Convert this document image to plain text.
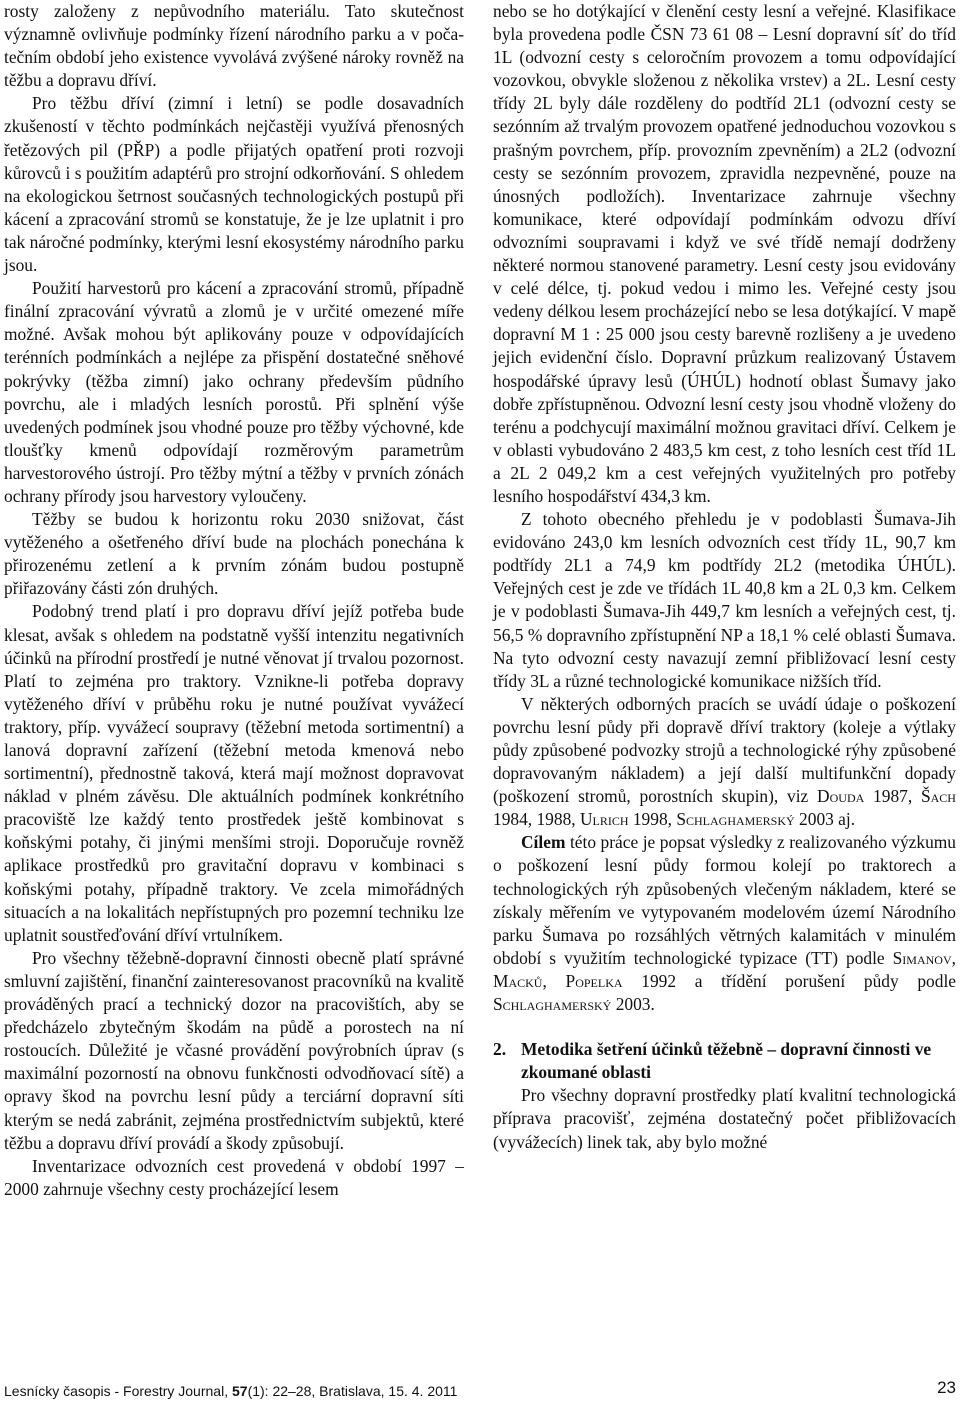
rosty založeny z nepůvodního materiálu. Tato skutečnost významně ovlivňuje podmínky řízení národního parku a v počatečním období jeho existence vyvolává zvýšené nároky rovněž na těžbu a dopravu dříví.

Pro těžbu dříví (zimní i letní) se podle dosavadních zkušeností v těchto podmínkách nejčastěji využívá přenosných řetězových pil (PŘP) a podle přijatých opatření proti rozvoji kůrovců i s použitím adaptérů pro strojní odkorňování. S ohledem na ekologickou šetrnost současných technologických postupů při kácení a zpracování stromů se konstatuje, že je lze uplatnit i pro tak náročné podmínky, kterými lesní ekosystémy národního parku jsou.

Použití harvestorů pro kácení a zpracování stromů, případně finální zpracování vývratů a zlomů je v určité omezené míře možné. Avšak mohou být aplikovány pouze v odpovídajících terénních podmínkách a nejlépe za přispění dostatečné sněhové pokrývky (těžba zimní) jako ochrany především půdního povrchu, ale i mladých lesních porostů. Při splnění výše uvedených podmínek jsou vhodné pouze pro těžby výchovné, kde tloušťky kmenů odpovídají rozměrovým parametrům harvestorového ústrojí. Pro těžby mýtní a těžby v prvních zónách ochrany přírody jsou harvestory vyloučeny.

Těžby se budou k horizontu roku 2030 snižovat, část vytěženého a ošetřeného dříví bude na plochách ponechána k přirozenému zetlení a k prvním zónám budou postupně přiřazovány části zón druhých.

Podobný trend platí i pro dopravu dříví jejíž potřeba bude klesat, avšak s ohledem na podstatně vyšší intenzitu negativních účinků na přírodní prostředí je nutné věnovat jí trvalou pozornost. Platí to zejména pro traktory. Vznikne-li potřeba dopravy vytěženého dříví v průběhu roku je nutné používat vyvážecí traktory, příp. vyvážecí soupravy (těžební metoda sortimentní) a lanová dopravní zařízení (těžební metoda kmenová nebo sortimentní), přednostně taková, která mají možnost dopravovat náklad v plném závěsu. Dle aktuálních podmínek konkrétního pracoviště lze každý tento prostředek ještě kombinovat s koňskými potahy, či jinými menšími stroji. Doporučuje rovněž aplikace prostředků pro gravitační dopravu v kombinaci s koňskými potahy, případně traktory. Ve zcela mimořádných situacích a na lokalitách nepřístupných pro pozemní techniku lze uplatnit soustřeďování dříví vrtulníkem.

Pro všechny těžebně-dopravní činnosti obecně platí správné smluvní zajištění, finanční zainteresovanost pracovníků na kvalitě prováděných prací a technický dozor na pracovištích, aby se předcházelo zbytečným škodám na půdě a porostech na ní rostoucích. Důležité je včasné provádění povýrobních úprav (s maximální pozorností na obnovu funkčnosti odvodňovací sítě) a opravy škod na povrchu lesní půdy a terciární dopravní síti kterým se nedá zabránit, zejména prostřednictvím subjektů, které těžbu a dopravu dříví provádí a škody způsobují.

Inventarizace odvozních cest provedená v období 1997 – 2000 zahrnuje všechny cesty procházející lesem

nebo se ho dotýkající v členění cesty lesní a veřejné. Klasifikace byla provedena podle ČSN 73 61 08 – Lesní dopravní síť do tříd 1L (odvozní cesty s celoročním provozem a tomu odpovídající vozovkou, obvykle složenou z několika vrstev) a 2L. Lesní cesty třídy 2L byly dále rozděleny do podtříd 2L1 (odvozní cesty se sezónním až trvalým provozem opatřené jednoduchou vozovkou s prašným povrchem, příp. provozním zpevněním) a 2L2 (odvozní cesty se sezónním provozem, zpravidla nezpevněné, pouze na únosných podložích). Inventarizace zahrnuje všechny komunikace, které odpovídají podmínkám odvozu dříví odvozními soupravami i když ve své třídě nemají dodrženy některé normou stanovené parametry. Lesní cesty jsou evidovány v celé délce, tj. pokud vedou i mimo les. Veřejné cesty jsou vedeny délkou lesem procházející nebo se lesa dotýkající. V mapě dopravní M 1 : 25 000 jsou cesty barevně rozlišeny a je uvedeno jejich evidenční číslo. Dopravní průzkum realizovaný Ústavem hospodářské úpravy lesů (ÚHÚL) hodnotí oblast Šumavy jako dobře zpřístupněnou. Odvozní lesní cesty jsou vhodně vloženy do terénu a podchycují maximální možnou gravitaci dříví. Celkem je v oblasti vybudováno 2 483,5 km cest, z toho lesních cest tříd 1L a 2L 2 049,2 km a cest veřejných využitelných pro potřeby lesního hospodářství 434,3 km.

Z tohoto obecného přehledu je v podoblasti Šumava-Jih evidováno 243,0 km lesních odvozních cest třídy 1L, 90,7 km podtřídy 2L1 a 74,9 km podtřídy 2L2 (metodika ÚHÚL). Veřejných cest je zde ve třídách 1L 40,8 km a 2L 0,3 km. Celkem je v podoblasti Šumava-Jih 449,7 km lesních a veřejných cest, tj. 56,5 % dopravního zpřístupnění NP a 18,1 % celé oblasti Šumava. Na tyto odvozní cesty navazují zemní přibližovací lesní cesty třídy 3L a různé technologické komunikace nižších tříd.

V některých odborných pracích se uvádí údaje o poškození povrchu lesní půdy při dopravě dříví traktory (koleje a výtlaky půdy způsobené podvozky strojů a technologické rýhy způsobené dopravovaným nákladem) a její další multifunkční dopady (poškození stromů, porostních skupin), viz Douda 1987, Šach 1984, 1988, Ulrich 1998, Schlaghamerský 2003 aj.

Cílem této práce je popsat výsledky z realizovaného výzkumu o poškození lesní půdy formou kolejí po traktorech a technologických rýh způsobených vlečeným nákladem, které se získaly měřením ve vytypovaném modelovém území Národního parku Šumava po rozsáhlých větrných kalamitách v minulém období s využitím technologické typizace (TT) podle Simanov, Macků, Popelka 1992 a třídění porušení půdy podle Schlaghamerský 2003.

2. Metodika šetření účinků těžebně – dopravní činnosti ve zkoumané oblasti

Pro všechny dopravní prostředky platí kvalitní technologická příprava pracovišť, zejména dostatečný počet přibližovacích (vyvážecích) linek tak, aby bylo možné

Lesnícky časopis - Forestry Journal, 57(1): 22–28, Bratislava, 15. 4. 2011	23
